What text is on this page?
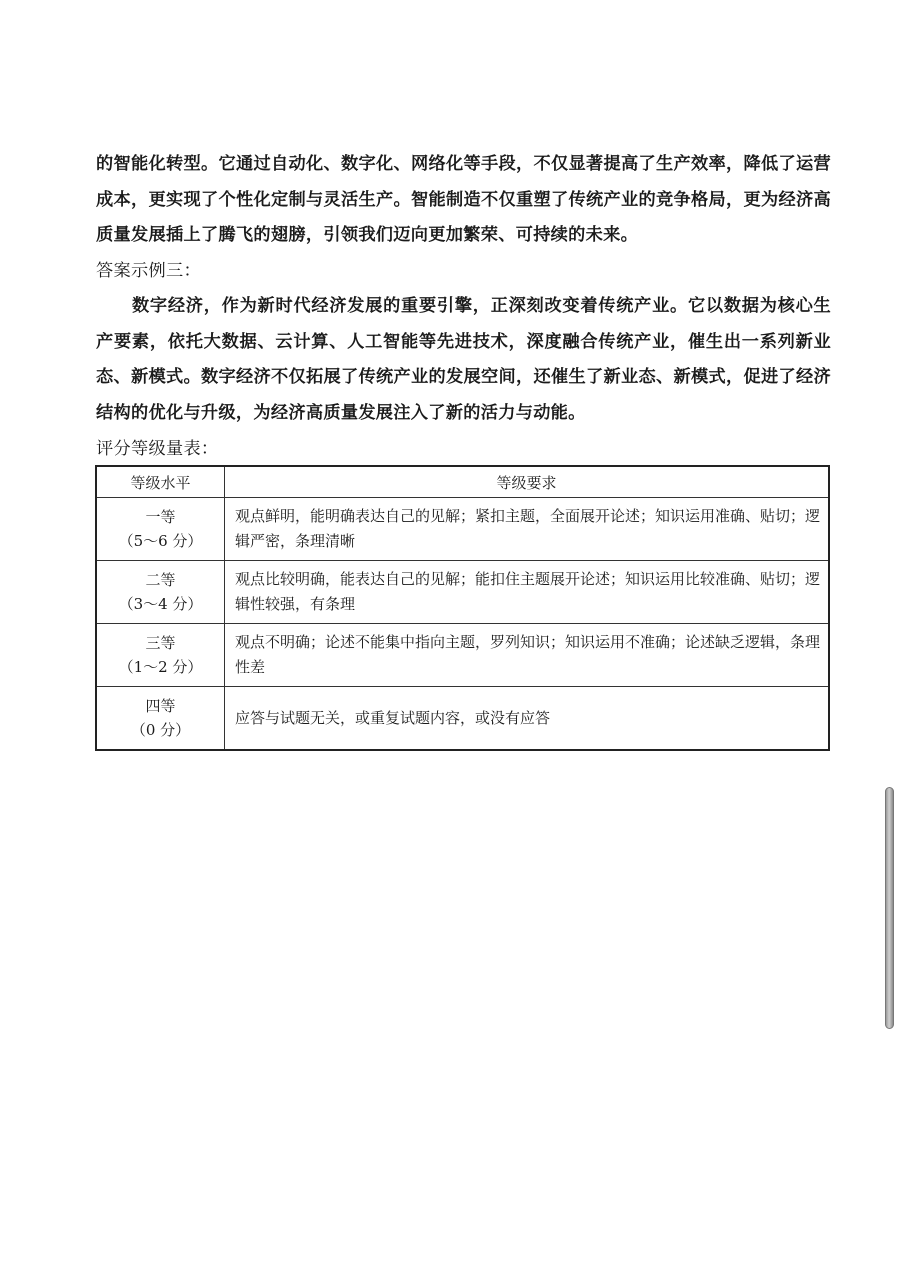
的智能化转型。它通过自动化、数字化、网络化等手段，不仅显著提高了生产效率，降低了运营成本，更实现了个性化定制与灵活生产。智能制造不仅重塑了传统产业的竞争格局，更为经济高质量发展插上了腾飞的翅膀，引领我们迈向更加繁荣、可持续的未来。

答案示例三：

数字经济，作为新时代经济发展的重要引擎，正深刻改变着传统产业。它以数据为核心生产要素，依托大数据、云计算、人工智能等先进技术，深度融合传统产业，催生出一系列新业态、新模式。数字经济不仅拓展了传统产业的发展空间，还催生了新业态、新模式，促进了经济结构的优化与升级，为经济高质量发展注入了新的活力与动能。

评分等级量表：

等级水平	等级要求

一等
（5～6 分）	观点鲜明，能明确表达自己的见解；紧扣主题，全面展开论述；知识运用准确、贴切；逻辑严密，条理清晰

二等
（3～4 分）	观点比较明确，能表达自己的见解；能扣住主题展开论述；知识运用比较准确、贴切；逻辑性较强，有条理

三等
（1～2 分）	观点不明确；论述不能集中指向主题，罗列知识；知识运用不准确；论述缺乏逻辑，条理性差

四等
（0 分）	应答与试题无关，或重复试题内容，或没有应答
